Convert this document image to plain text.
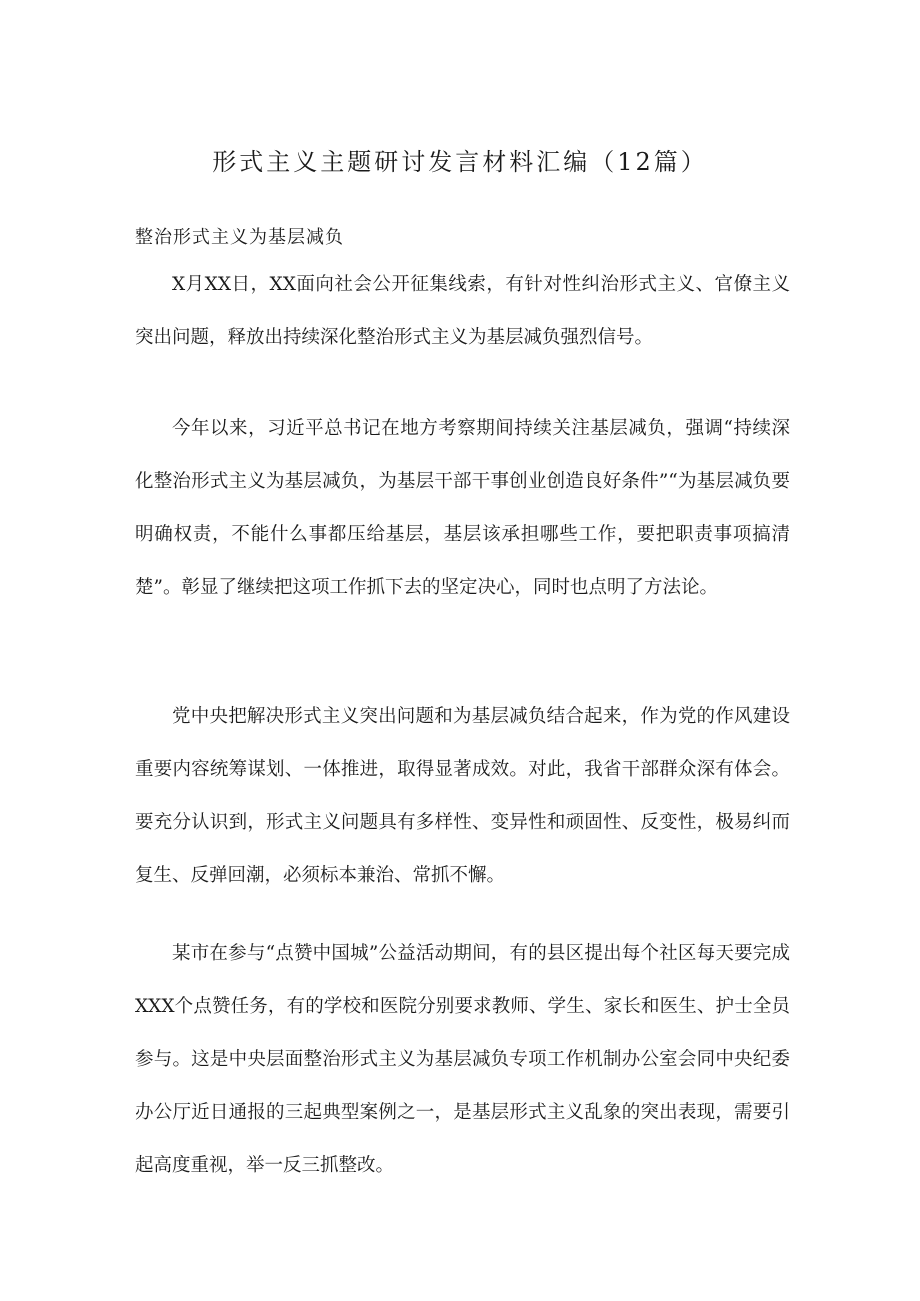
形式主义主题研讨发言材料汇编（12篇）
整治形式主义为基层减负

X月XX日，XX面向社会公开征集线索，有针对性纠治形式主义、官僚主义突出问题，释放出持续深化整治形式主义为基层减负强烈信号。

今年以来，习近平总书记在地方考察期间持续关注基层减负，强调“持续深化整治形式主义为基层减负，为基层干部干事创业创造良好条件”“为基层减负要明确权责，不能什么事都压给基层，基层该承担哪些工作，要把职责事项搞清楚”。彰显了继续把这项工作抓下去的坚定决心，同时也点明了方法论。

党中央把解决形式主义突出问题和为基层减负结合起来，作为党的作风建设重要内容统筹谋划、一体推进，取得显著成效。对此，我省干部群众深有体会。要充分认识到，形式主义问题具有多样性、变异性和顽固性、反变性，极易纠而复生、反弹回潮，必须标本兼治、常抓不懈。

某市在参与“点赞中国城”公益活动期间，有的县区提出每个社区每天要完成XXX个点赞任务，有的学校和医院分别要求教师、学生、家长和医生、护士全员参与。这是中央层面整治形式主义为基层减负专项工作机制办公室会同中央纪委办公厅近日通报的三起典型案例之一，是基层形式主义乱象的突出表现，需要引起高度重视，举一反三抓整改。
